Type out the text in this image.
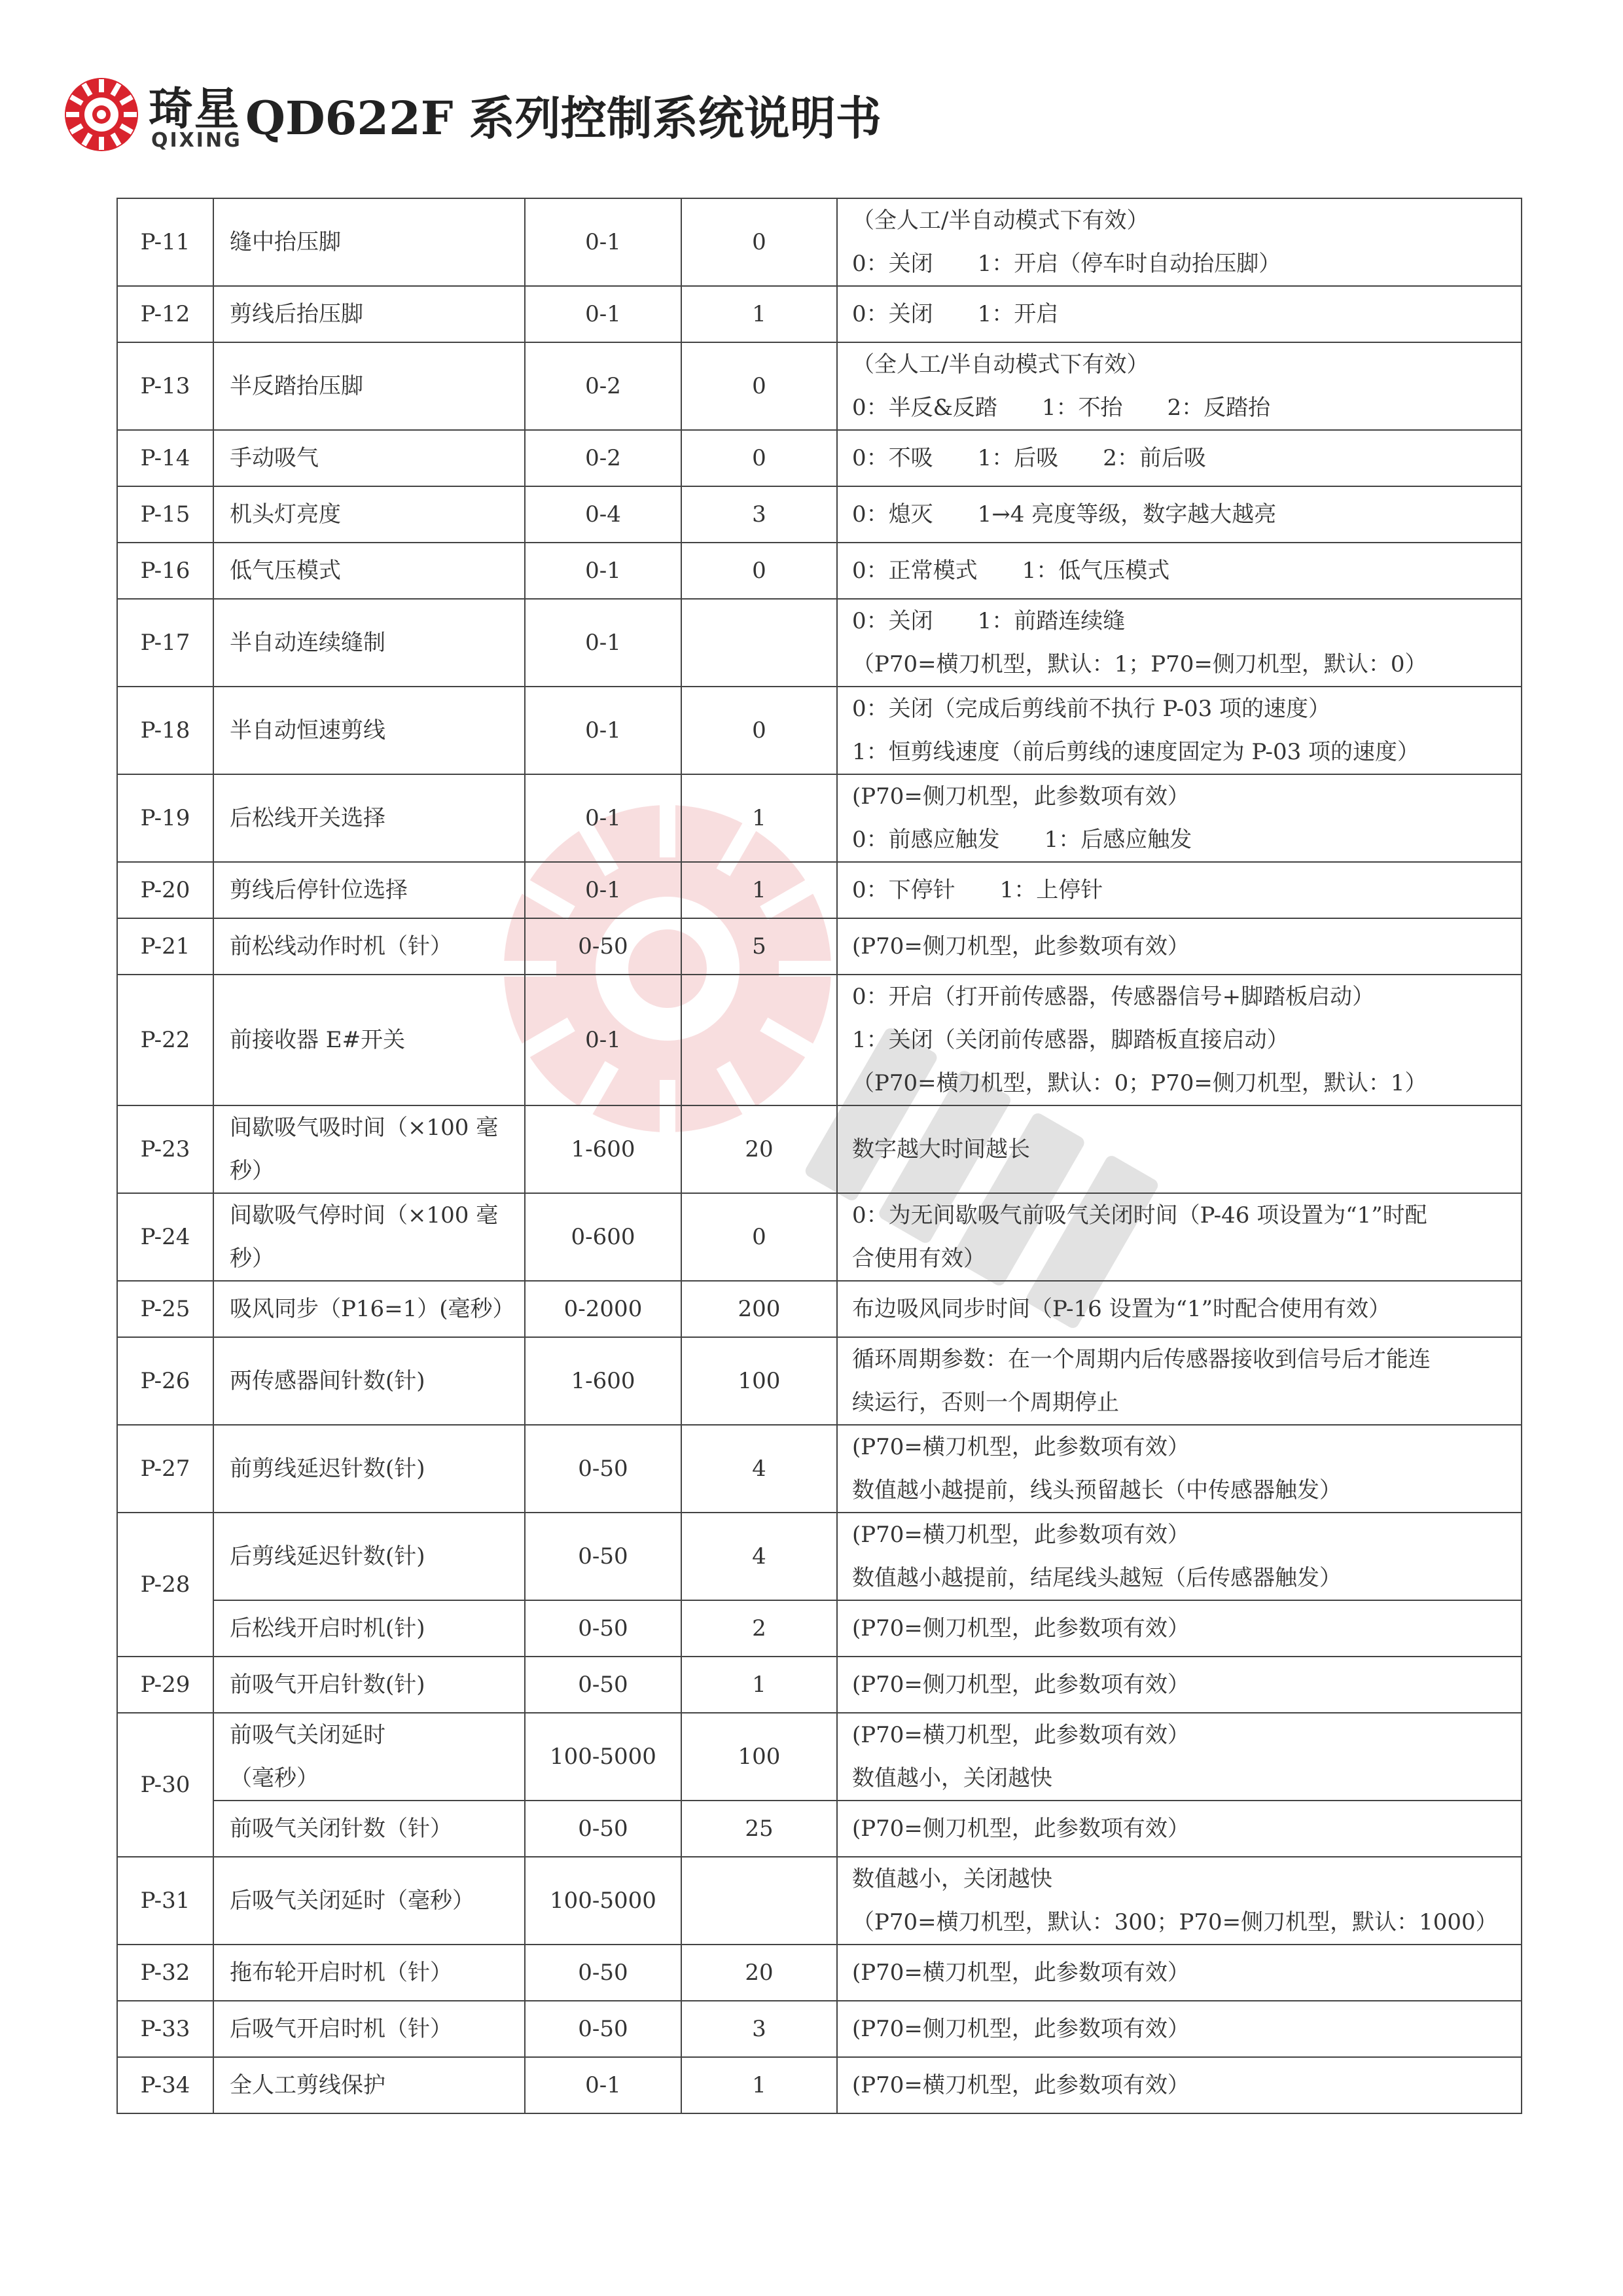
琦星
QIXING QD622F 系列控制系统说明书
P-11	缝中抬压脚	0-1	0	（全人工/半自动模式下有效）
0：关闭　　1：开启（停车时自动抬压脚）

P-12	剪线后抬压脚	0-1	1	0：关闭　　1：开启

P-13	半反踏抬压脚	0-2	0	（全人工/半自动模式下有效）
0：半反&反踏　　1：不抬　　2：反踏抬

P-14	手动吸气	0-2	0	0：不吸　　1：后吸　　2：前后吸

P-15	机头灯亮度	0-4	3	0：熄灭　　1→4 亮度等级，数字越大越亮

P-16	低气压模式	0-1	0	0：正常模式　　1：低气压模式

P-17	半自动连续缝制	0-1		0：关闭　　1：前踏连续缝
（P70=横刀机型，默认：1；P70=侧刀机型，默认：0）

P-18	半自动恒速剪线	0-1	0	0：关闭（完成后剪线前不执行 P-03 项的速度）
1：恒剪线速度（前后剪线的速度固定为 P-03 项的速度）

P-19	后松线开关选择	0-1	1	(P70=侧刀机型，此参数项有效）
0：前感应触发　　1：后感应触发

P-20	剪线后停针位选择	0-1	1	0：下停针　　1：上停针

P-21	前松线动作时机（针）	0-50	5	(P70=侧刀机型，此参数项有效）

P-22	前接收器 E#开关	0-1		0：开启（打开前传感器，传感器信号+脚踏板启动）
1：关闭（关闭前传感器，脚踏板直接启动）
（P70=横刀机型，默认：0；P70=侧刀机型，默认：1）

P-23	间歇吸气吸时间（×100 毫
秒）	1-600	20	数字越大时间越长

P-24	间歇吸气停时间（×100 毫
秒）	0-600	0	0：为无间歇吸气前吸气关闭时间（P-46 项设置为“1”时配
合使用有效）

P-25	吸风同步（P16=1）(毫秒）	0-2000	200	布边吸风同步时间（P-16 设置为“1”时配合使用有效）

P-26	两传感器间针数(针)	1-600	100	循环周期参数：在一个周期内后传感器接收到信号后才能连
续运行，否则一个周期停止

P-27	前剪线延迟针数(针)	0-50	4	(P70=横刀机型，此参数项有效）
数值越小越提前，线头预留越长（中传感器触发）

P-28	后剪线延迟针数(针)	0-50	4	(P70=横刀机型，此参数项有效）
数值越小越提前，结尾线头越短（后传感器触发）

	后松线开启时机(针)	0-50	2	(P70=侧刀机型，此参数项有效）

P-29	前吸气开启针数(针)	0-50	1	(P70=侧刀机型，此参数项有效）

P-30	前吸气关闭延时
（毫秒）	100-5000	100	(P70=横刀机型，此参数项有效）
数值越小，关闭越快

	前吸气关闭针数（针）	0-50	25	(P70=侧刀机型，此参数项有效）

P-31	后吸气关闭延时（毫秒）	100-5000		数值越小，关闭越快
（P70=横刀机型，默认：300；P70=侧刀机型，默认：1000）

P-32	拖布轮开启时机（针）	0-50	20	(P70=横刀机型，此参数项有效）

P-33	后吸气开启时机（针）	0-50	3	(P70=侧刀机型，此参数项有效）

P-34	全人工剪线保护	0-1	1	(P70=横刀机型，此参数项有效）
